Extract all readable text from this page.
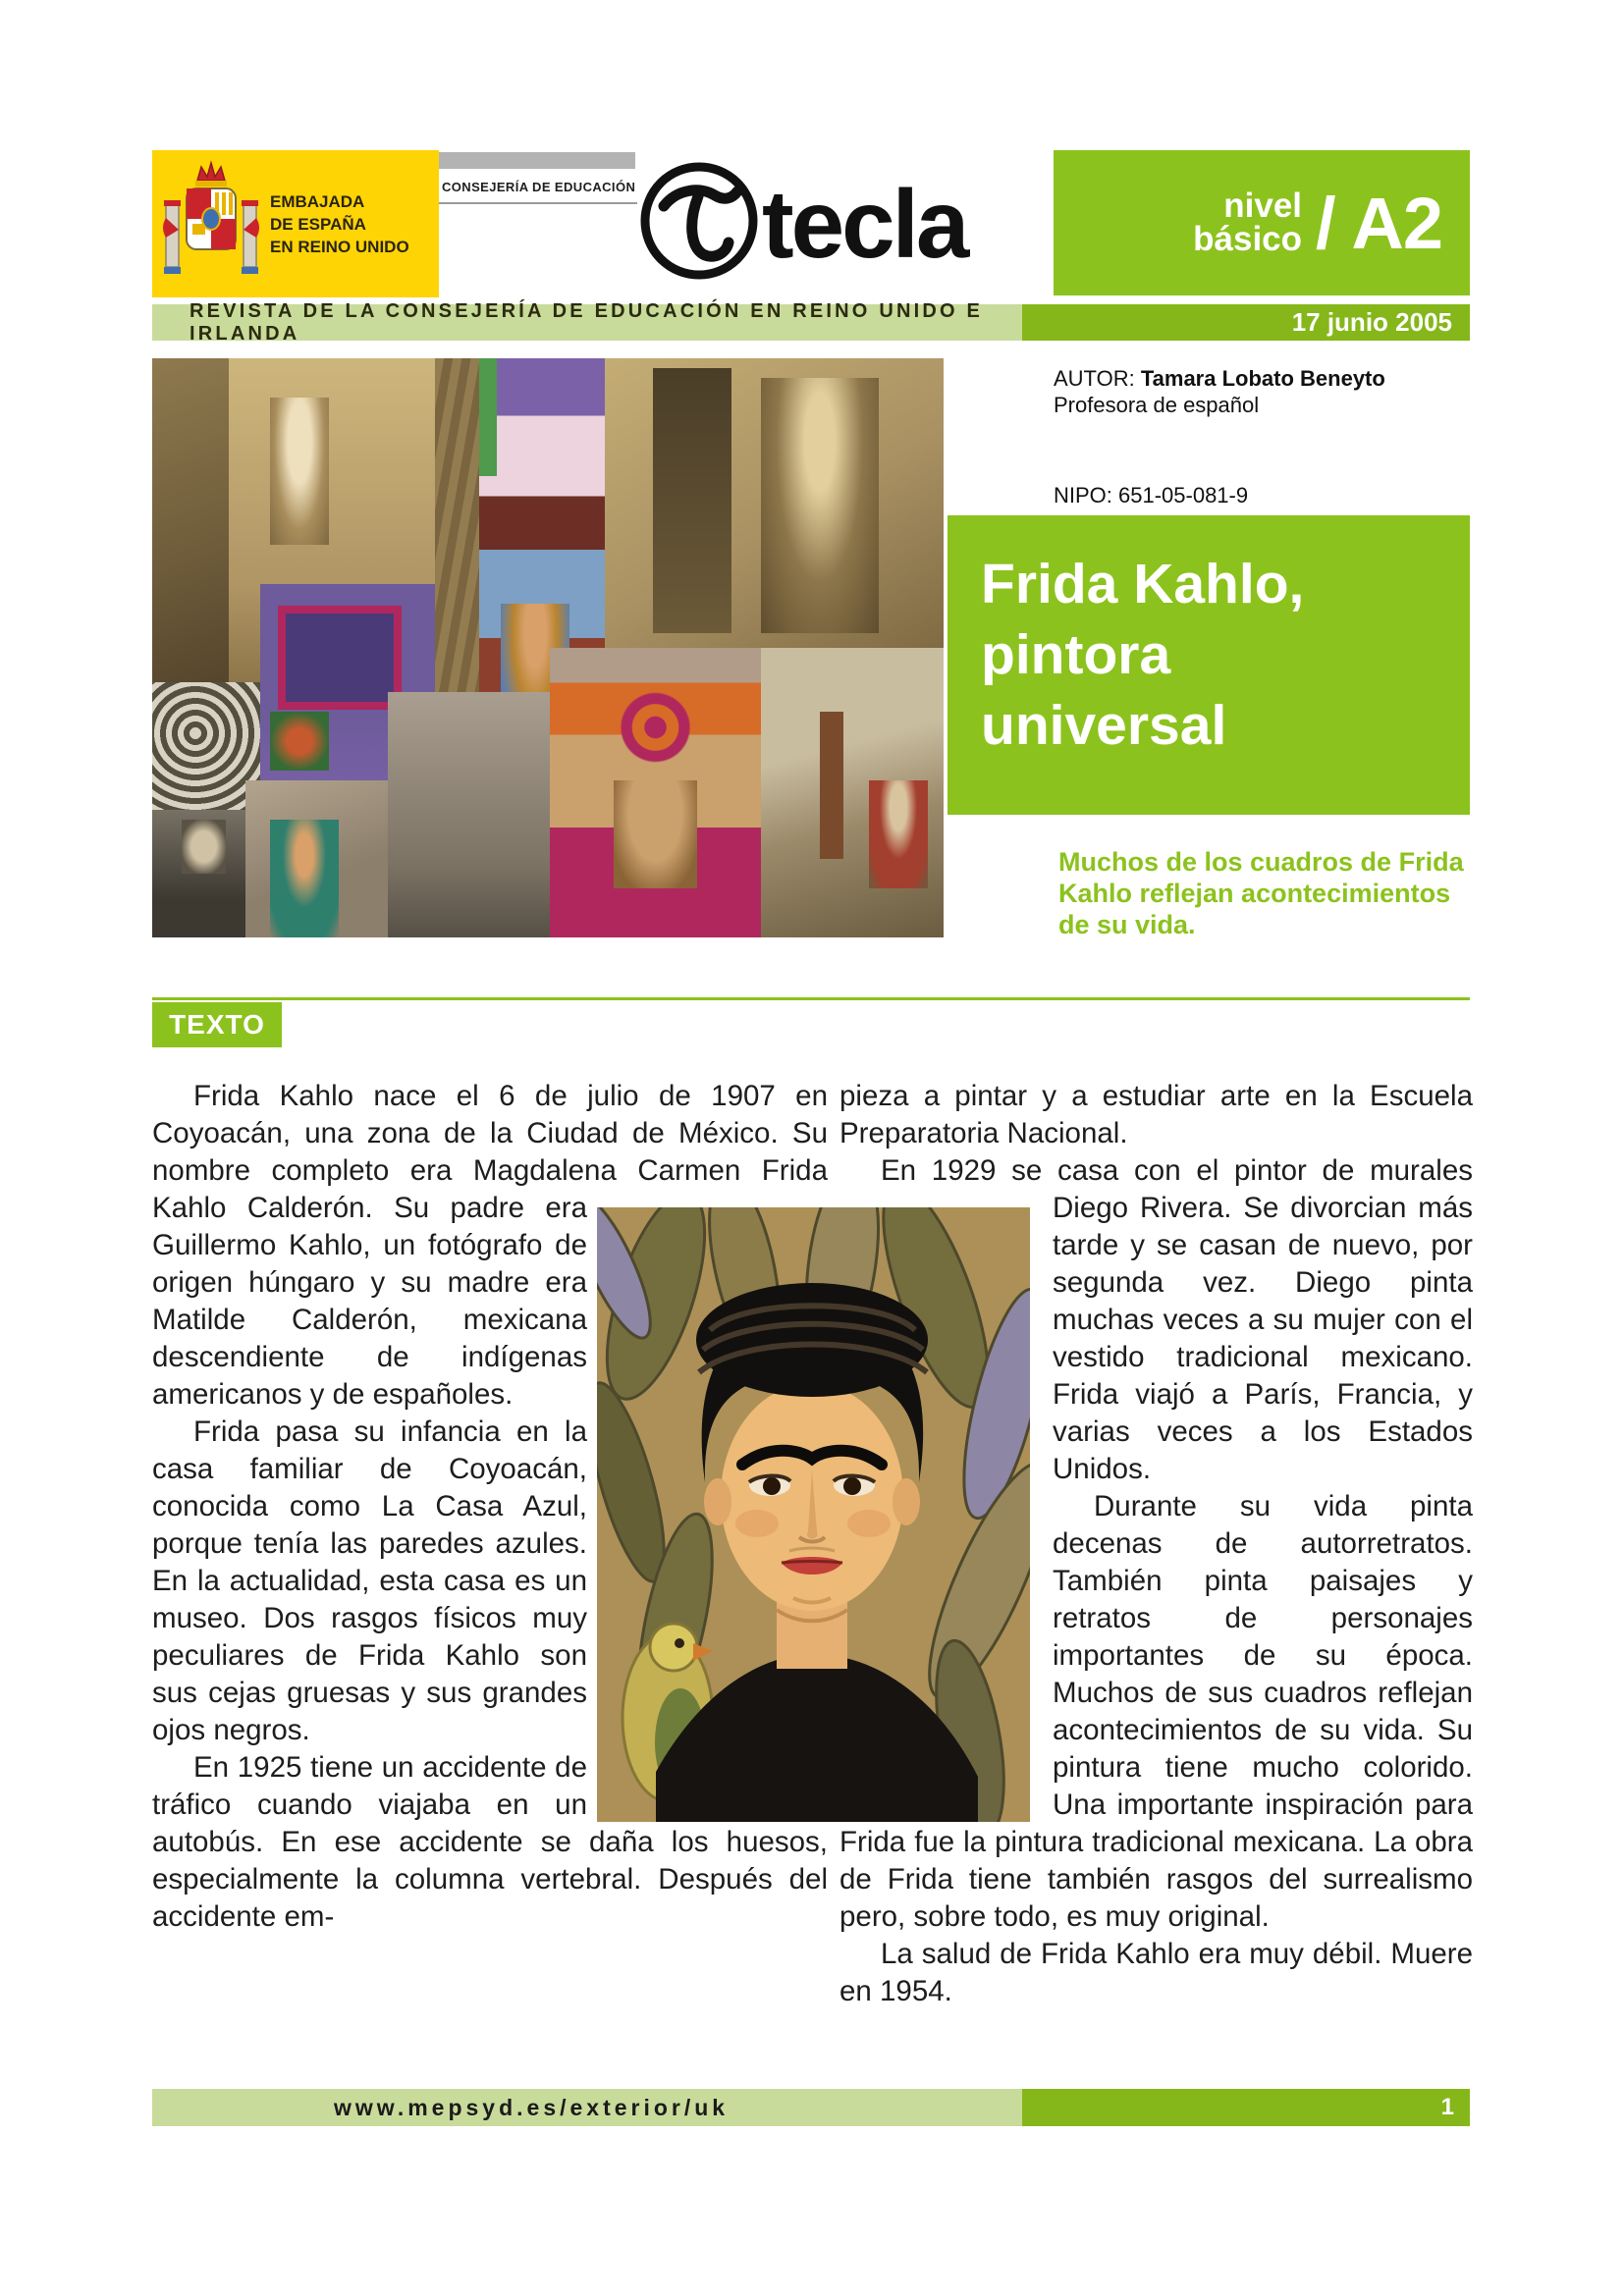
EMBAJADA
DE ESPAÑA
EN REINO UNIDO
CONSEJERÍA DE EDUCACIÓN tecla	nivel
básico / A2
REVISTA DE LA CONSEJERÍA DE EDUCACIÓN EN REINO UNIDO E IRLANDA	17 junio 2005
AUTOR: Tamara Lobato Beneyto
Profesora de español
NIPO: 651-05-081-9
Frida Kahlo,
pintora
universal
Muchos de los cuadros de Frida Kahlo reflejan acontecimientos de su vida.
TEXTO

Frida Kahlo nace el 6 de julio de 1907 en Coyoacán, una zona de la Ciudad de México. Su nombre completo era Magdalena Carmen Frida Kahlo Calderón. Su padre era Guillermo Kahlo, un fotógrafo de origen húngaro y su madre era Matilde Calderón, mexicana descendiente de indígenas americanos y de españoles.

Frida pasa su infancia en la casa familiar de Coyoacán, conocida como La Casa Azul, porque tenía las paredes azules. En la actualidad, esta casa es un museo. Dos rasgos físicos muy peculiares de Frida Kahlo son sus cejas gruesas y sus grandes ojos negros.

En 1925 tiene un accidente de tráfico cuando viajaba en un autobús. En ese accidente se daña los huesos, especialmente la columna vertebral. Después del accidente em-

pieza a pintar y a estudiar arte en la Escuela Preparatoria Nacional.

En 1929 se casa con el pintor de murales Diego Rivera. Se divorcian más tarde y se casan de nuevo, por segunda vez. Diego pinta muchas veces a su mujer con el vestido tradicional mexicano. Frida viajó a París, Francia, y varias veces a los Estados Unidos.

Durante su vida pinta decenas de autorretratos. También pinta paisajes y retratos de personajes importantes de su época. Muchos de sus cuadros reflejan acontecimientos de su vida. Su pintura tiene mucho colorido. Una importante inspiración para Frida fue la pintura tradicional mexicana. La obra de Frida tiene también rasgos del surrealismo pero, sobre todo, es muy original.

La salud de Frida Kahlo era muy débil. Muere en 1954.

www.mepsyd.es/exterior/uk	1
